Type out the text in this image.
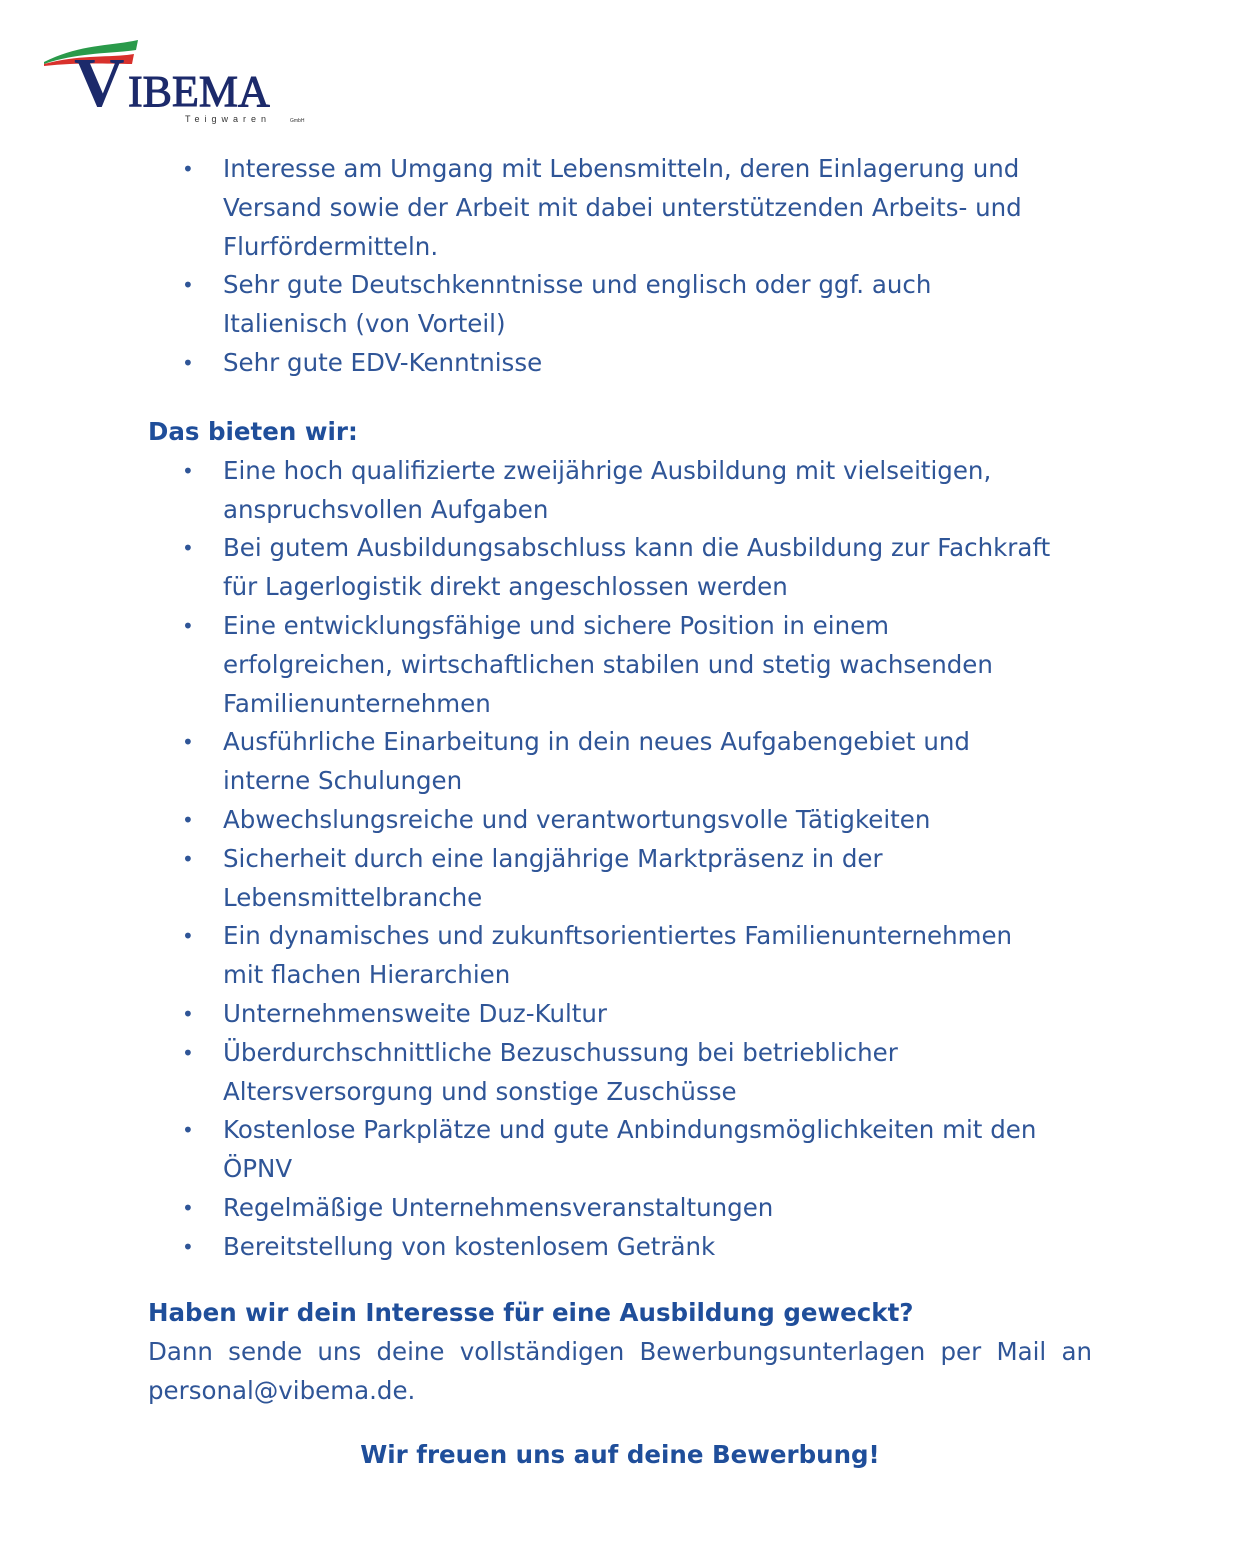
V IBEMA
Teigwaren	GmbH
• Interesse am Umgang mit Lebensmitteln, deren Einlagerung und
Versand sowie der Arbeit mit dabei unterstützenden Arbeits- und
Flurfördermitteln.
• Sehr gute Deutschkenntnisse und englisch oder ggf. auch
Italienisch (von Vorteil)
• Sehr gute EDV-Kenntnisse
Das bieten wir:
• Eine hoch qualifizierte zweijährige Ausbildung mit vielseitigen,
anspruchsvollen Aufgaben
• Bei gutem Ausbildungsabschluss kann die Ausbildung zur Fachkraft
für Lagerlogistik direkt angeschlossen werden
• Eine entwicklungsfähige und sichere Position in einem
erfolgreichen, wirtschaftlichen stabilen und stetig wachsenden
Familienunternehmen
• Ausführliche Einarbeitung in dein neues Aufgabengebiet und
interne Schulungen
• Abwechslungsreiche und verantwortungsvolle Tätigkeiten
• Sicherheit durch eine langjährige Marktpräsenz in der
Lebensmittelbranche
• Ein dynamisches und zukunftsorientiertes Familienunternehmen
mit flachen Hierarchien
• Unternehmensweite Duz-Kultur
• Überdurchschnittliche Bezuschussung bei betrieblicher
Altersversorgung und sonstige Zuschüsse
• Kostenlose Parkplätze und gute Anbindungsmöglichkeiten mit den
ÖPNV
• Regelmäßige Unternehmensveranstaltungen
• Bereitstellung von kostenlosem Getränk
Haben wir dein Interesse für eine Ausbildung geweckt?
Dann sende uns deine vollständigen Bewerbungsunterlagen per Mail an
personal@vibema.de.
Wir freuen uns auf deine Bewerbung!
